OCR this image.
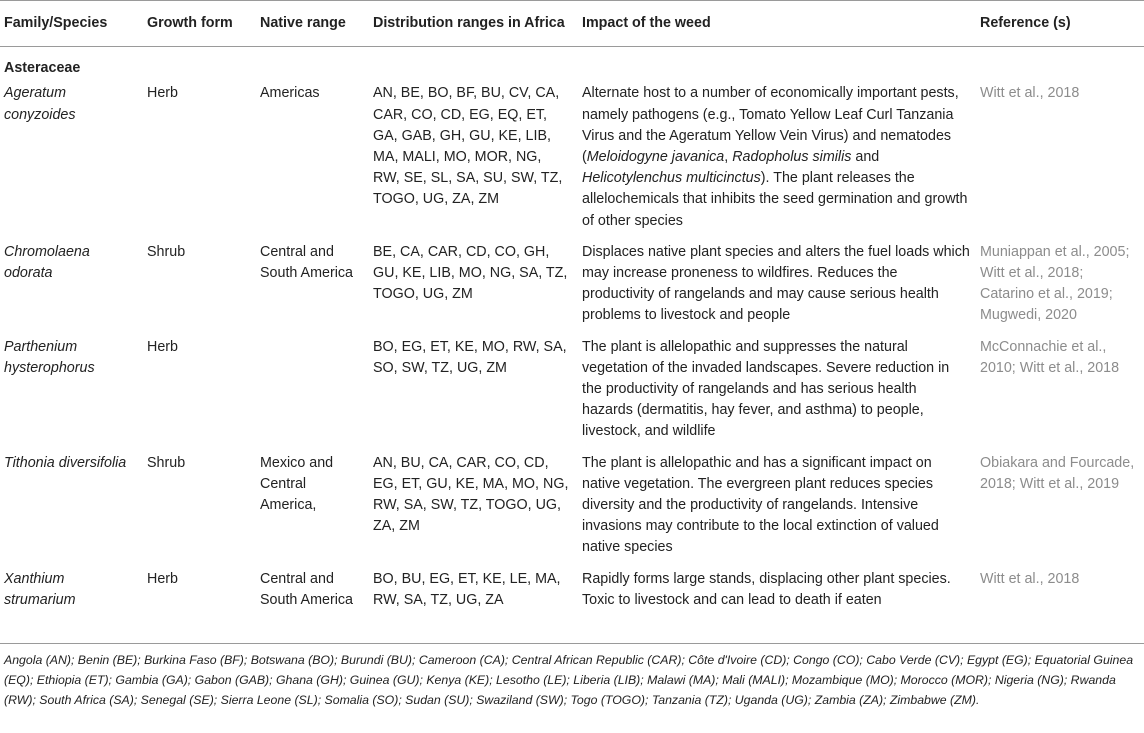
Family/Species	Growth form	Native range	Distribution ranges in Africa	Impact of the weed	Reference (s)
Asteraceae					
Ageratum conyzoides	Herb	Americas	AN, BE, BO, BF, BU, CV, CA, CAR, CO, CD, EG, EQ, ET, GA, GAB, GH, GU, KE, LIB, MA, MALI, MO, MOR, NG, RW, SE, SL, SA, SU, SW, TZ, TOGO, UG, ZA, ZM	Alternate host to a number of economically important pests, namely pathogens (e.g., Tomato Yellow Leaf Curl Tanzania Virus and the Ageratum Yellow Vein Virus) and nematodes (Meloidogyne javanica, Radopholus similis and Helicotylenchus multicinctus). The plant releases the allelochemicals that inhibits the seed germination and growth of other species	Witt et al., 2018
Chromolaena odorata	Shrub	Central and South America	BE, CA, CAR, CD, CO, GH, GU, KE, LIB, MO, NG, SA, TZ, TOGO, UG, ZM	Displaces native plant species and alters the fuel loads which may increase proneness to wildfires. Reduces the productivity of rangelands and may cause serious health problems to livestock and people	Muniappan et al., 2005; Witt et al., 2018; Catarino et al., 2019; Mugwedi, 2020
Parthenium hysterophorus	Herb		BO, EG, ET, KE, MO, RW, SA, SO, SW, TZ, UG, ZM	The plant is allelopathic and suppresses the natural vegetation of the invaded landscapes. Severe reduction in the productivity of rangelands and has serious health hazards (dermatitis, hay fever, and asthma) to people, livestock, and wildlife	McConnachie et al., 2010; Witt et al., 2018
Tithonia diversifolia	Shrub	Mexico and Central America,	AN, BU, CA, CAR, CO, CD, EG, ET, GU, KE, MA, MO, NG, RW, SA, SW, TZ, TOGO, UG, ZA, ZM	The plant is allelopathic and has a significant impact on native vegetation. The evergreen plant reduces species diversity and the productivity of rangelands. Intensive invasions may contribute to the local extinction of valued native species	Obiakara and Fourcade, 2018; Witt et al., 2019
Xanthium strumarium	Herb	Central and South America	BO, BU, EG, ET, KE, LE, MA, RW, SA, TZ, UG, ZA	Rapidly forms large stands, displacing other plant species. Toxic to livestock and can lead to death if eaten	Witt et al., 2018
Angola (AN); Benin (BE); Burkina Faso (BF); Botswana (BO); Burundi (BU); Cameroon (CA); Central African Republic (CAR); Côte d'Ivoire (CD); Congo (CO); Cabo Verde (CV); Egypt (EG); Equatorial Guinea (EQ); Ethiopia (ET); Gambia (GA); Gabon (GAB); Ghana (GH); Guinea (GU); Kenya (KE); Lesotho (LE); Liberia (LIB); Malawi (MA); Mali (MALI); Mozambique (MO); Morocco (MOR); Nigeria (NG); Rwanda (RW); South Africa (SA); Senegal (SE); Sierra Leone (SL); Somalia (SO); Sudan (SU); Swaziland (SW); Togo (TOGO); Tanzania (TZ); Uganda (UG); Zambia (ZA); Zimbabwe (ZM).
